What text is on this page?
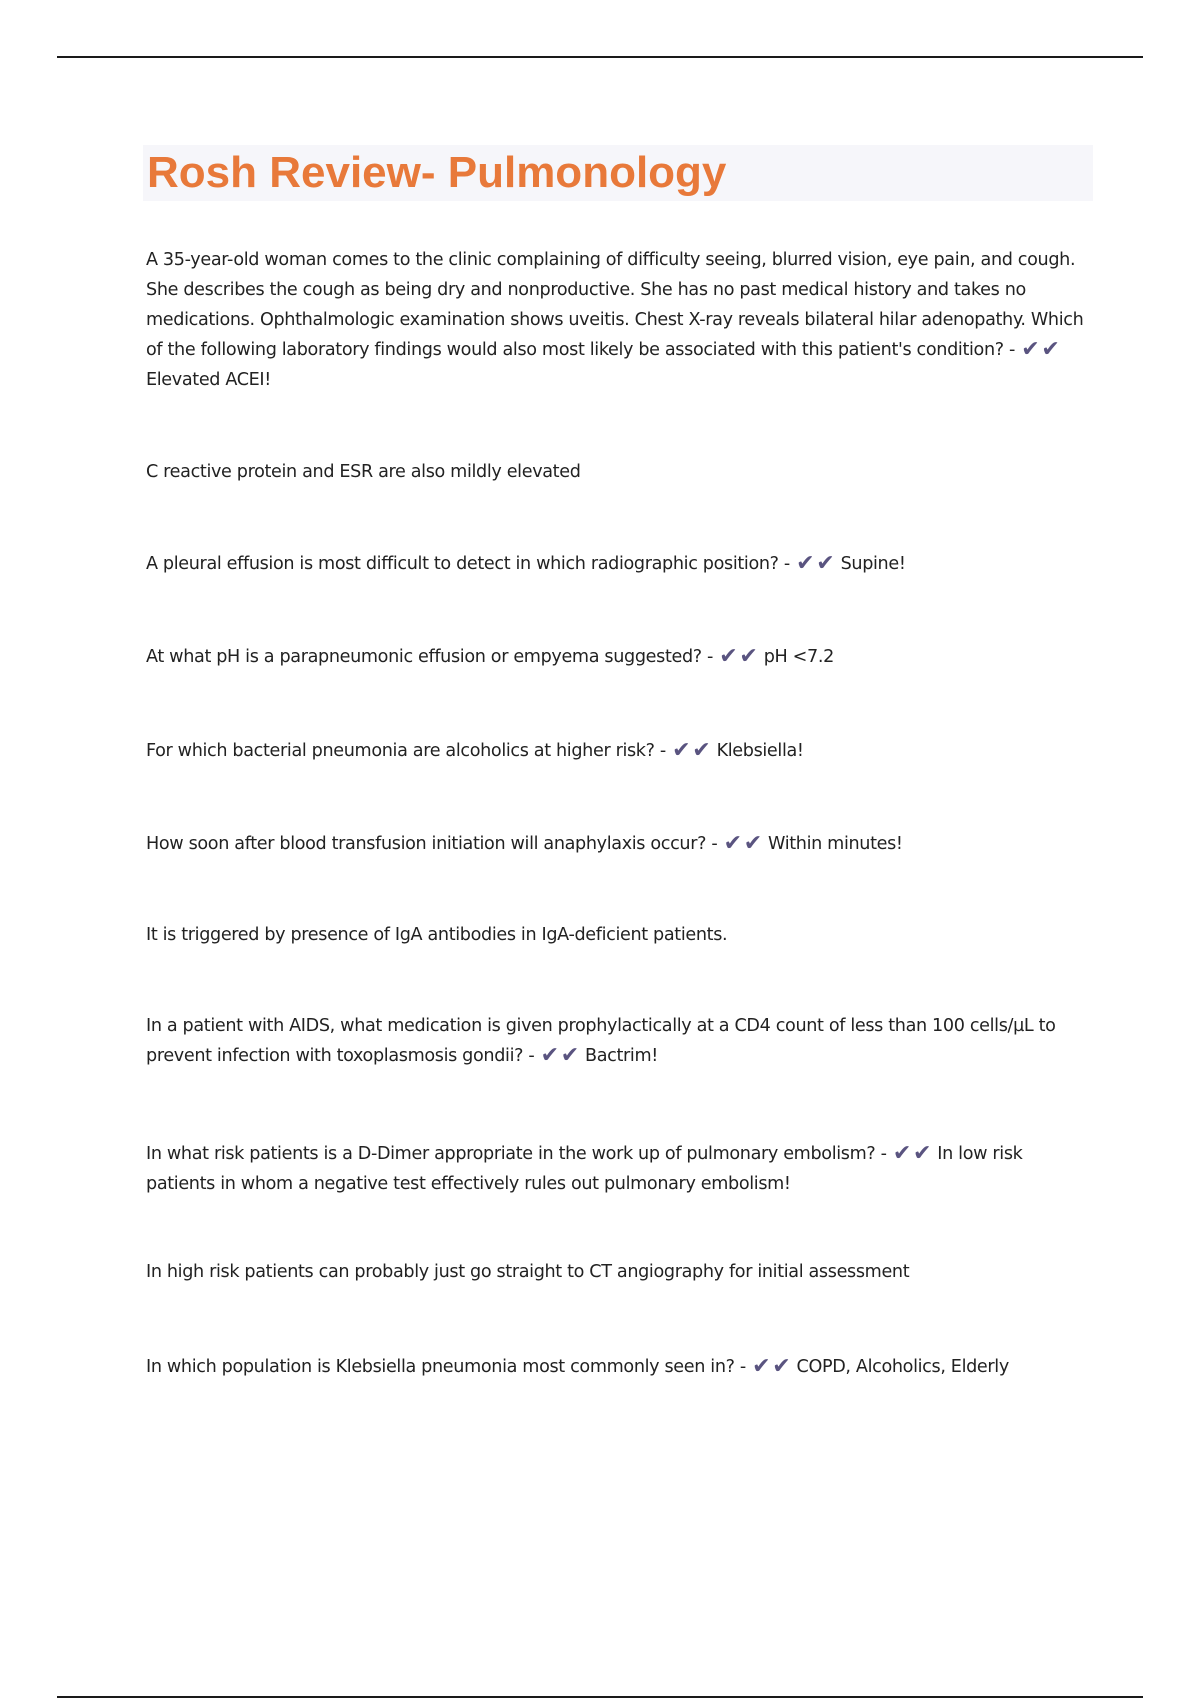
Rosh Review- Pulmonology

A 35-year-old woman comes to the clinic complaining of difficulty seeing, blurred vision, eye pain, and cough. She describes the cough as being dry and nonproductive. She has no past medical history and takes no medications. Ophthalmologic examination shows uveitis. Chest X-ray reveals bilateral hilar adenopathy. Which of the following laboratory findings would also most likely be associated with this patient's condition? - ✔✔ Elevated ACEI!

C reactive protein and ESR are also mildly elevated

A pleural effusion is most difficult to detect in which radiographic position? - ✔✔ Supine!

At what pH is a parapneumonic effusion or empyema suggested? - ✔✔ pH <7.2

For which bacterial pneumonia are alcoholics at higher risk? - ✔✔ Klebsiella!

How soon after blood transfusion initiation will anaphylaxis occur? - ✔✔ Within minutes!

It is triggered by presence of IgA antibodies in IgA-deficient patients.

In a patient with AIDS, what medication is given prophylactically at a CD4 count of less than 100 cells/µL to prevent infection with toxoplasmosis gondii? - ✔✔ Bactrim!

In what risk patients is a D-Dimer appropriate in the work up of pulmonary embolism? - ✔✔ In low risk patients in whom a negative test effectively rules out pulmonary embolism!

In high risk patients can probably just go straight to CT angiography for initial assessment

In which population is Klebsiella pneumonia most commonly seen in? - ✔✔ COPD, Alcoholics, Elderly
